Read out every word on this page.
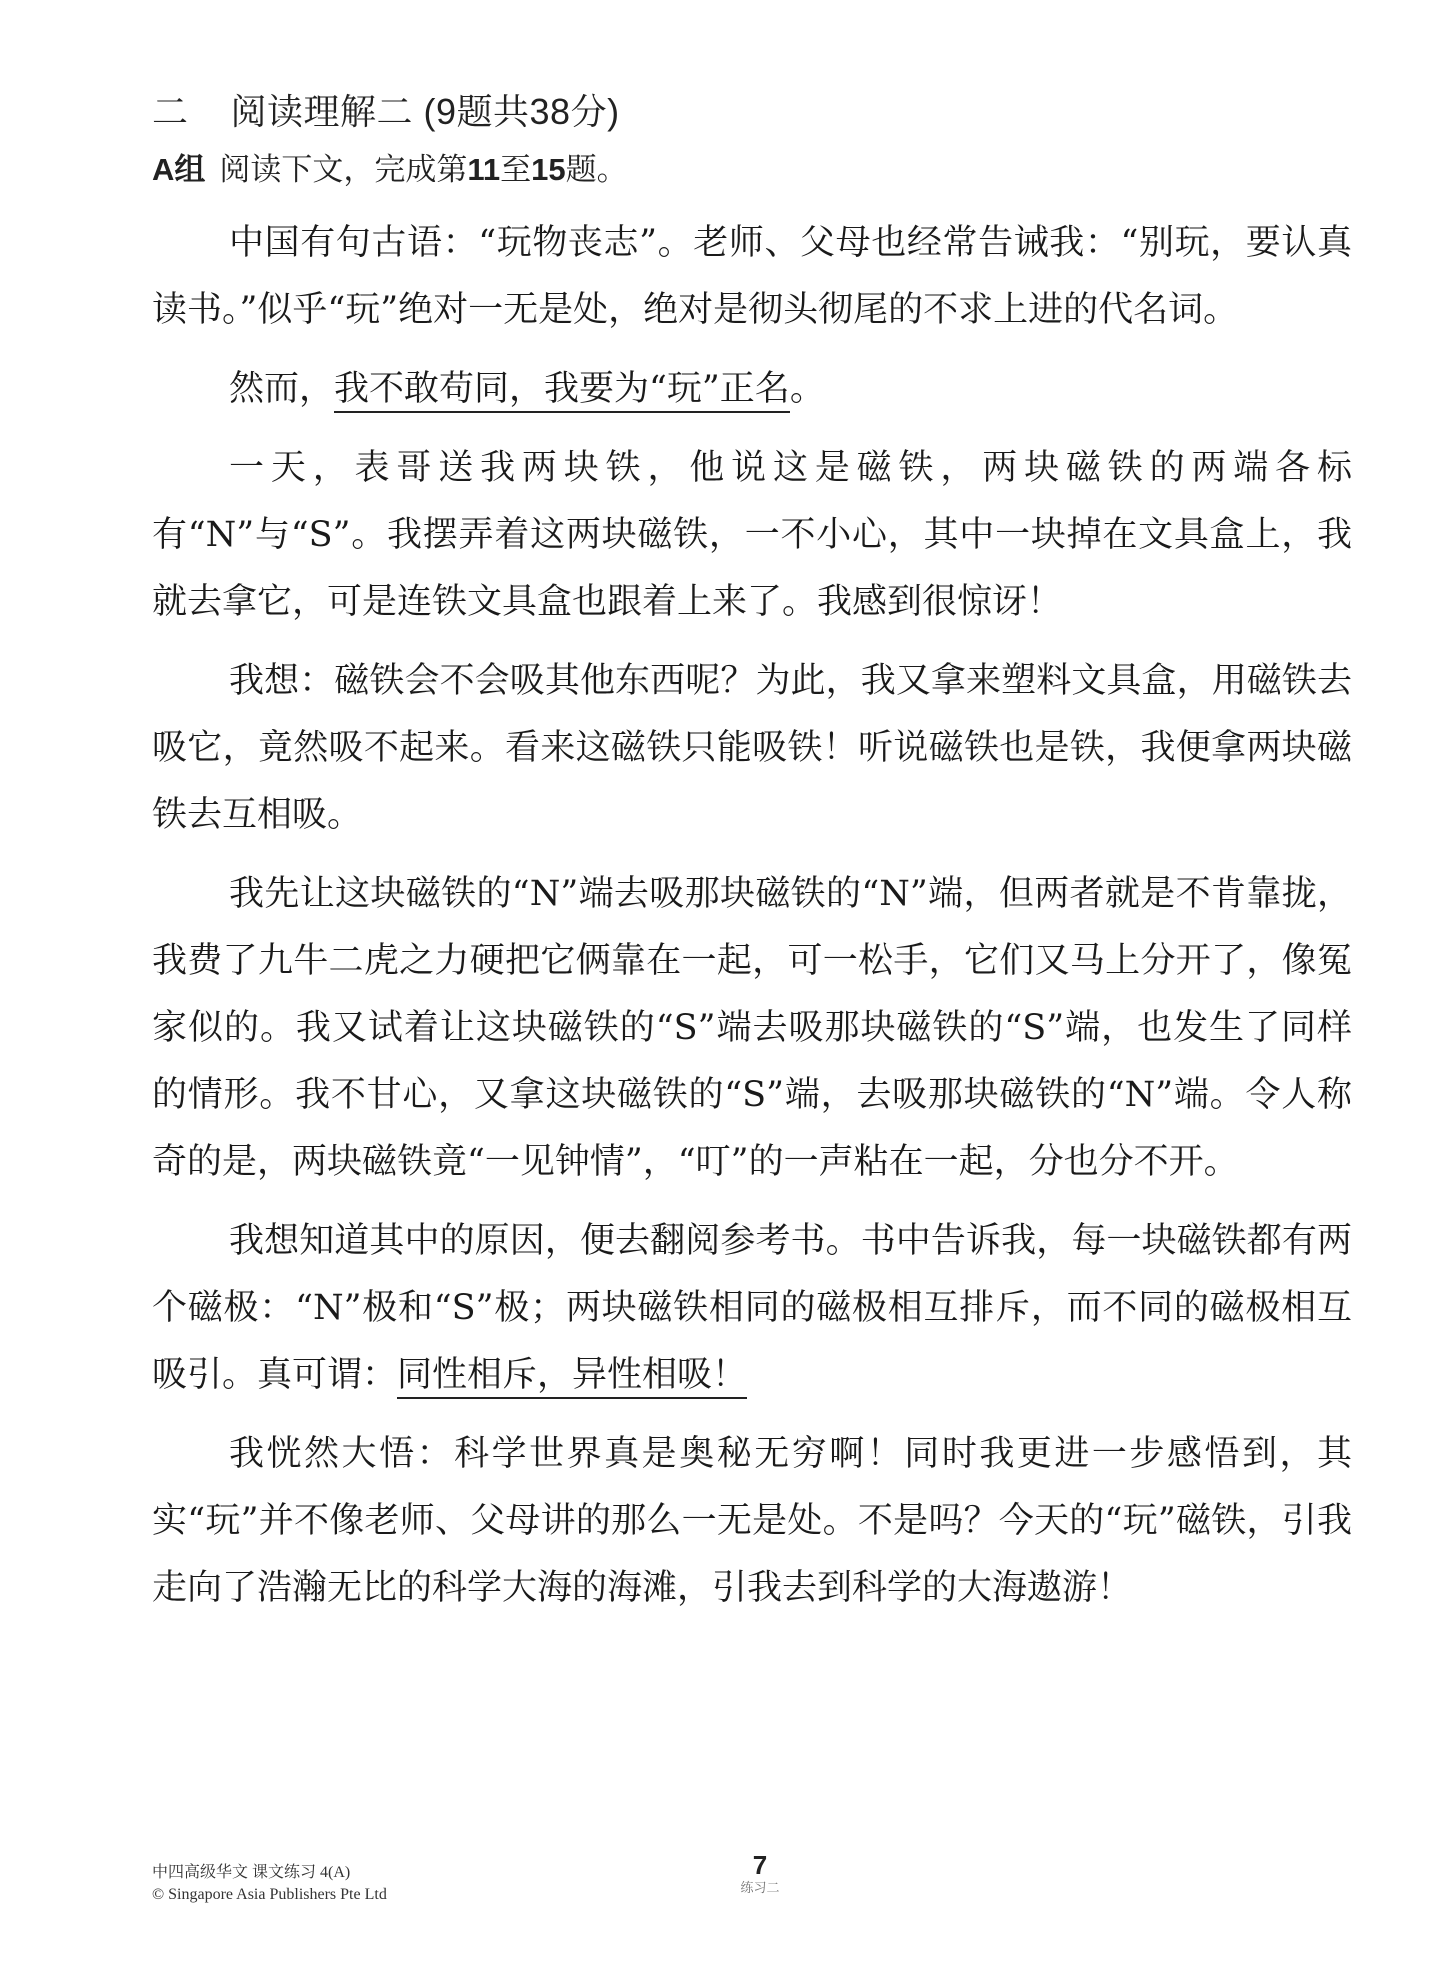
二 阅读理解二 (9题共38分)
A组 阅读下文，完成第11至15题。

中国有句古语：“玩物丧志”。老师、父母也经常告诫我：“别玩，要认真读书。”似乎“玩”绝对一无是处，绝对是彻头彻尾的不求上进的代名词。

然而，我不敢苟同，我要为“玩”正名。

一天，表哥送我两块铁，他说这是磁铁，两块磁铁的两端各标有“N”与“S”。我摆弄着这两块磁铁，一不小心，其中一块掉在文具盒上，我就去拿它，可是连铁文具盒也跟着上来了。我感到很惊讶！

我想：磁铁会不会吸其他东西呢？为此，我又拿来塑料文具盒，用磁铁去吸它，竟然吸不起来。看来这磁铁只能吸铁！听说磁铁也是铁，我便拿两块磁铁去互相吸。

我先让这块磁铁的“N”端去吸那块磁铁的“N”端，但两者就是不肯靠拢，我费了九牛二虎之力硬把它俩靠在一起，可一松手，它们又马上分开了，像冤家似的。我又试着让这块磁铁的“S”端去吸那块磁铁的“S”端，也发生了同样的情形。我不甘心，又拿这块磁铁的“S”端，去吸那块磁铁的“N”端。令人称奇的是，两块磁铁竟“一见钟情”，“叮”的一声粘在一起，分也分不开。

我想知道其中的原因，便去翻阅参考书。书中告诉我，每一块磁铁都有两个磁极：“N”极和“S”极；两块磁铁相同的磁极相互排斥，而不同的磁极相互吸引。真可谓：同性相斥，异性相吸！

我恍然大悟：科学世界真是奥秘无穷啊！同时我更进一步感悟到，其实“玩”并不像老师、父母讲的那么一无是处。不是吗？今天的“玩”磁铁，引我走向了浩瀚无比的科学大海的海滩，引我去到科学的大海遨游！

中四高级华文 课文练习 4(A)
© Singapore Asia Publishers Pte Ltd
7
练习二
